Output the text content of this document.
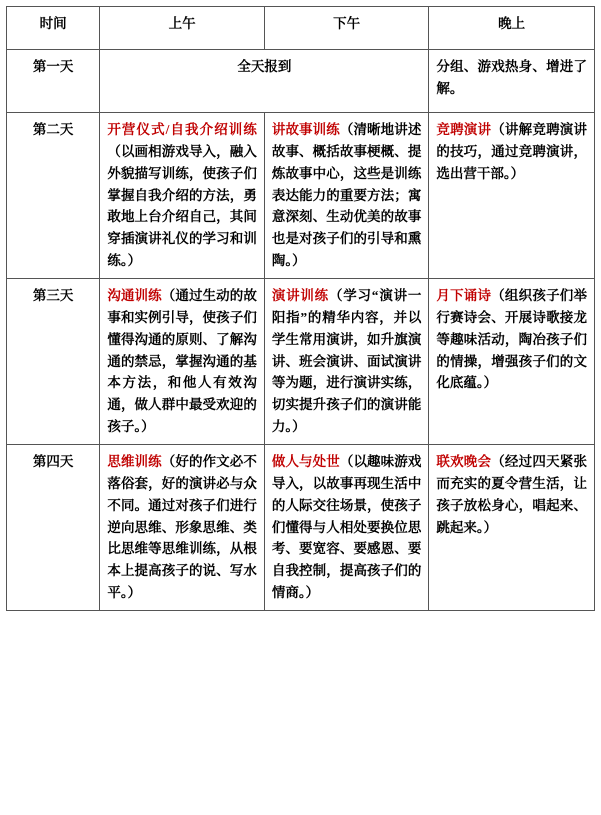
时间	上午	下午	晚上
第一天	全天报到		分组、游戏热身、增进了解。
第二天	开营仪式/自我介绍训练（以画相游戏导入，融入外貌描写训练，使孩子们掌握自我介绍的方法，勇敢地上台介绍自己，其间穿插演讲礼仪的学习和训练。）	讲故事训练（清晰地讲述故事、概括故事梗概、提炼故事中心，这些是训练表达能力的重要方法；寓意深刻、生动优美的故事也是对孩子们的引导和熏陶。）	竞聘演讲（讲解竞聘演讲的技巧，通过竞聘演讲，选出营干部。）
第三天	沟通训练（通过生动的故事和实例引导，使孩子们懂得沟通的原则、了解沟通的禁忌，掌握沟通的基本方法，和他人有效沟通，做人群中最受欢迎的孩子。）	演讲训练（学习“演讲一阳指”的精华内容，并以学生常用演讲，如升旗演讲、班会演讲、面试演讲等为题，进行演讲实练，切实提升孩子们的演讲能力。）	月下诵诗（组织孩子们举行赛诗会、开展诗歌接龙等趣味活动，陶冶孩子们的情操，增强孩子们的文化底蕴。）
第四天	思维训练（好的作文必不落俗套，好的演讲必与众不同。通过对孩子们进行逆向思维、形象思维、类比思维等思维训练，从根本上提高孩子的说、写水平。）	做人与处世（以趣味游戏导入，以故事再现生活中的人际交往场景，使孩子们懂得与人相处要换位思考、要宽容、要感恩、要自我控制，提高孩子们的情商。）	联欢晚会（经过四天紧张而充实的夏令营生活，让孩子放松身心，唱起来、跳起来。）
